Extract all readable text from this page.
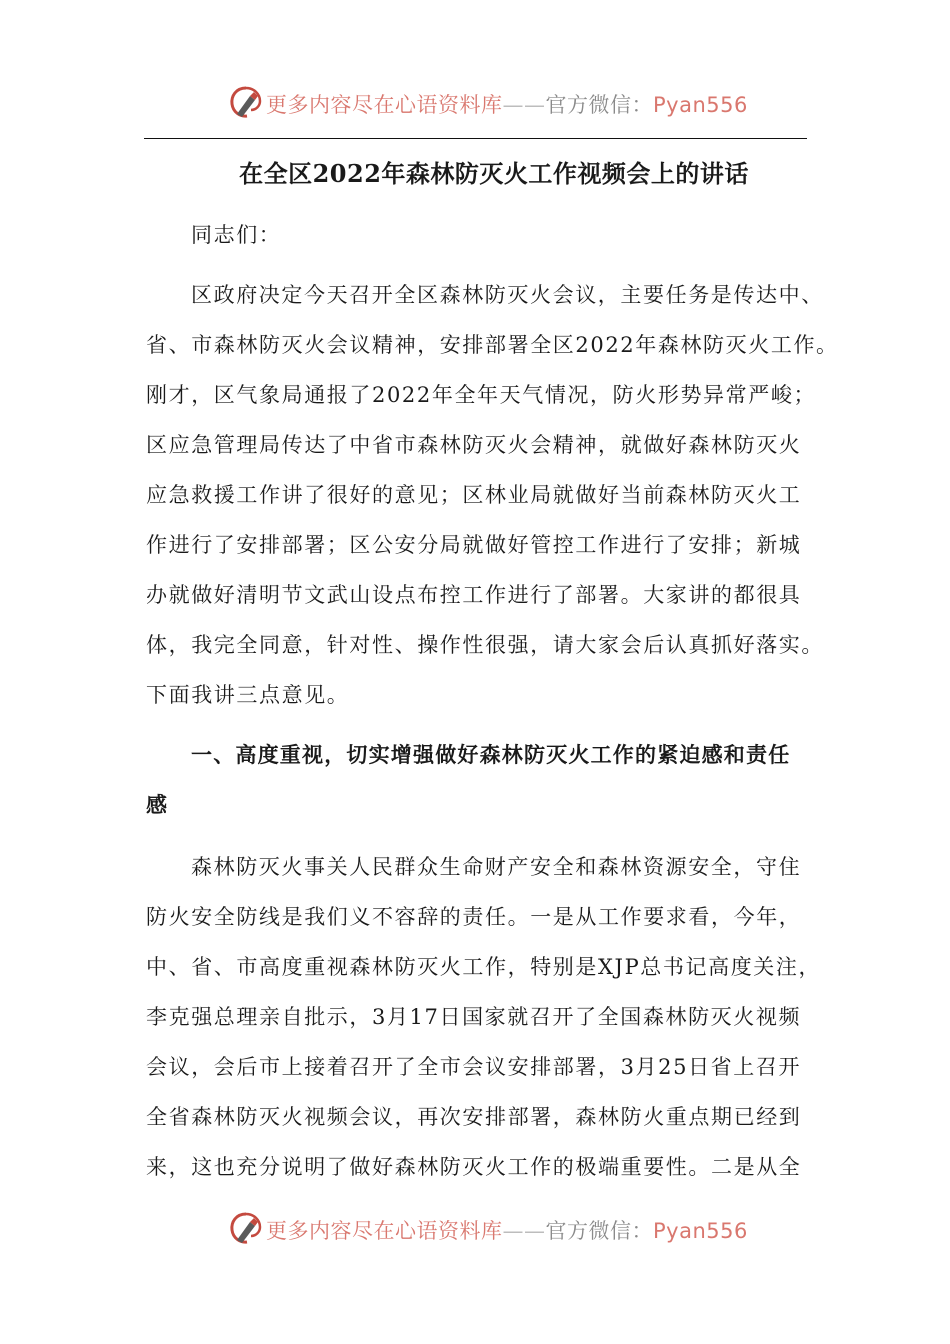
更多内容尽在心语资料库——官方微信：Pyan556
在全区2022年森林防灭火工作视频会上的讲话
同志们：
区政府决定今天召开全区森林防灭火会议，主要任务是传达中、
省、市森林防灭火会议精神，安排部署全区2022年森林防灭火工作。
刚才，区气象局通报了2022年全年天气情况，防火形势异常严峻；
区应急管理局传达了中省市森林防灭火会精神，就做好森林防灭火
应急救援工作讲了很好的意见；区林业局就做好当前森林防灭火工
作进行了安排部署；区公安分局就做好管控工作进行了安排；新城
办就做好清明节文武山设点布控工作进行了部署。大家讲的都很具
体，我完全同意，针对性、操作性很强，请大家会后认真抓好落实。
下面我讲三点意见。
一、高度重视，切实增强做好森林防灭火工作的紧迫感和责任
感
森林防灭火事关人民群众生命财产安全和森林资源安全，守住
防火安全防线是我们义不容辞的责任。一是从工作要求看，今年，
中、省、市高度重视森林防灭火工作，特别是XJP总书记高度关注，
李克强总理亲自批示，3月17日国家就召开了全国森林防灭火视频
会议，会后市上接着召开了全市会议安排部署，3月25日省上召开
全省森林防灭火视频会议，再次安排部署，森林防火重点期已经到
来，这也充分说明了做好森林防灭火工作的极端重要性。二是从全
更多内容尽在心语资料库——官方微信：Pyan556
